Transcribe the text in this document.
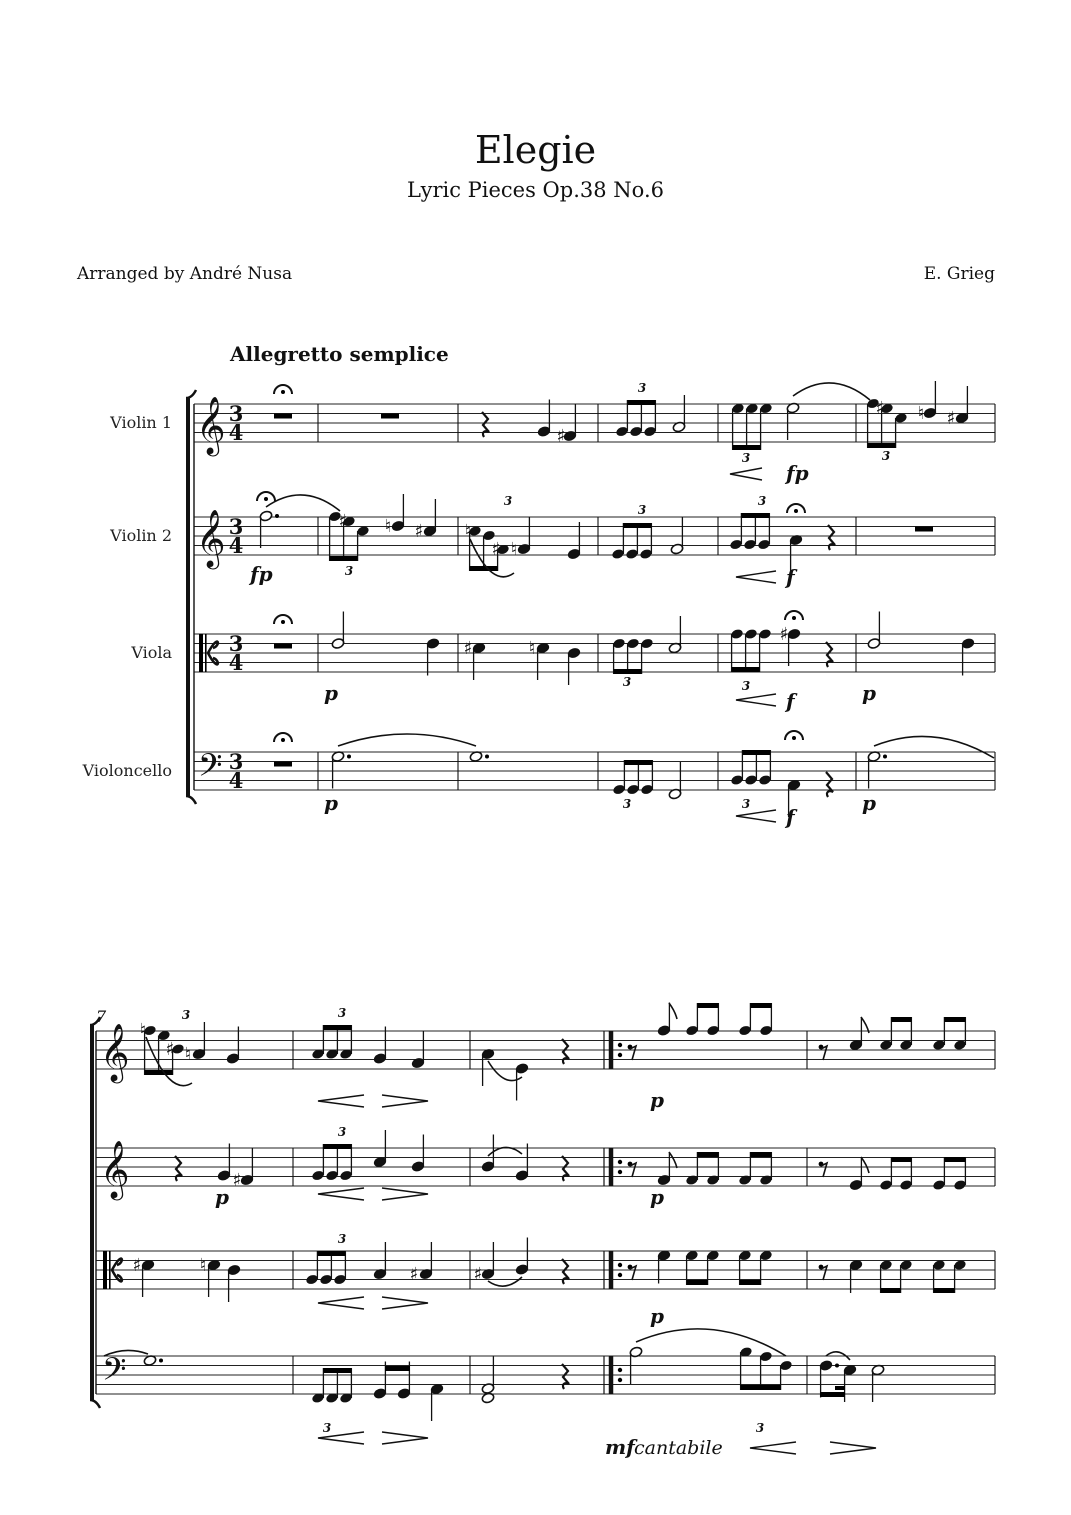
Elegie
Lyric Pieces Op.38 No.6
Arranged by André Nusa	E. Grieg
Allegretto semplice
Violin 1
Violin 2
Viola
Violoncello
𝄞
𝄞
𝄢
3
4
3
4
3
4
3
4
♯
3
3
fp
♯
3
♮ ♯
fp
♯
3
♮ ♯ ♮
♯
3
♮
3
3
f
p
♯	♮
3
♯
3
f	p
p	3	3
f
p
7
𝄞
𝄞
𝄢
♮
♯
3
♮
3
p
♯
p
3
p
♯	♮
3
♯	♯
p
3	3
mf cantabile
